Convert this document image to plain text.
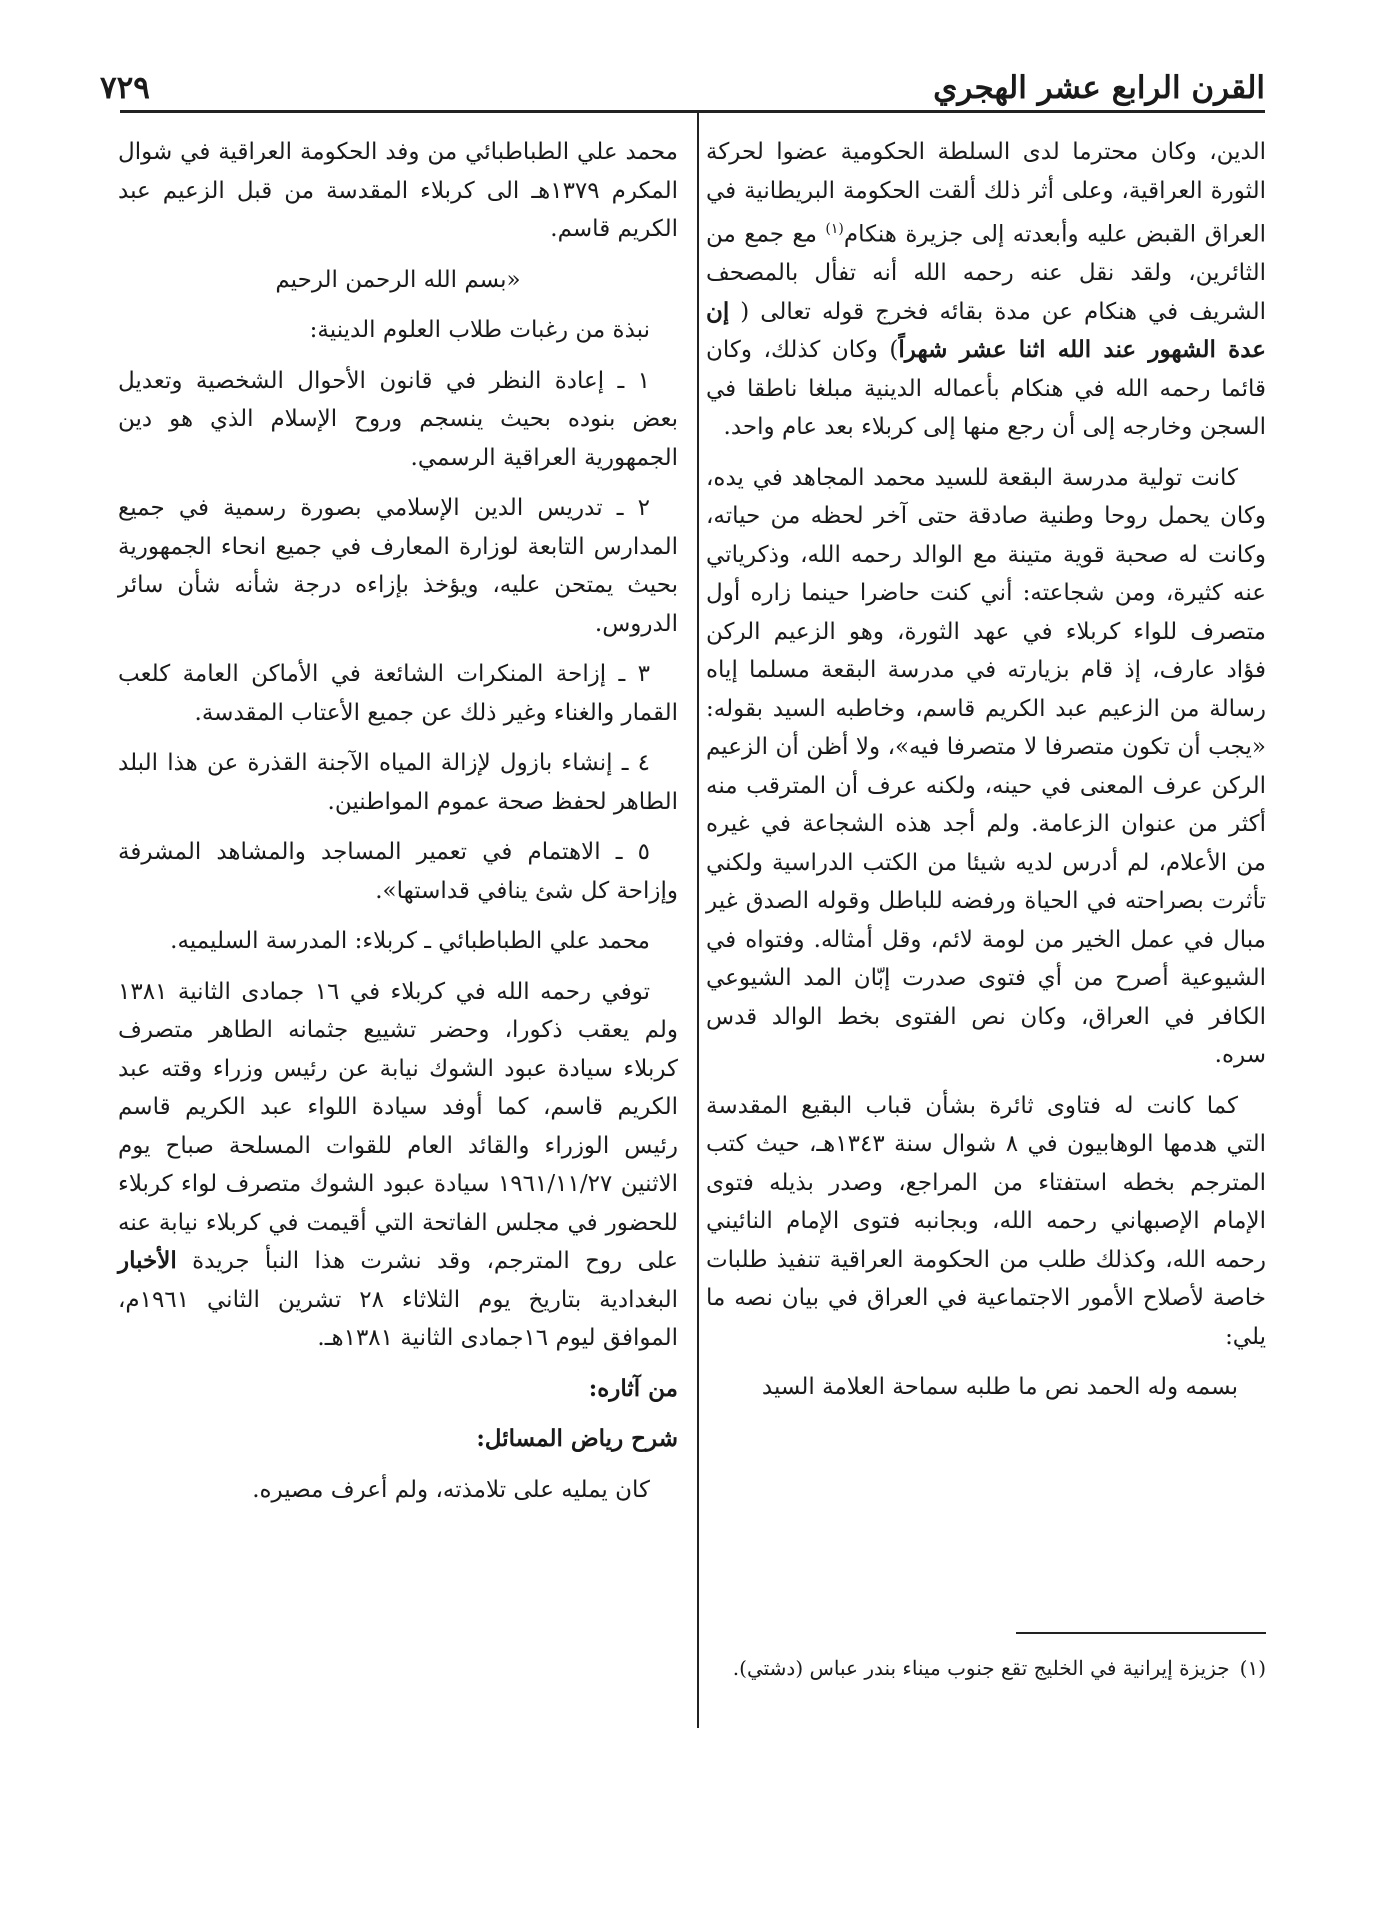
القرن الرابع عشر الهجري
٧٢٩

الدين، وكان محترما لدى السلطة الحكومية عضوا لحركة الثورة العراقية، وعلى أثر ذلك ألقت الحكومة البريطانية في العراق القبض عليه وأبعدته إلى جزيرة هنكام$^{(١)}$ مع جمع من الثائرين، ولقد نقل عنه رحمه الله أنه تفأل بالمصحف الشريف في هنكام عن مدة بقائه فخرج قوله تعالى ( إن عدة الشهور عند الله اثنا عشر شهراً) وكان كذلك، وكان قائما رحمه الله في هنكام بأعماله الدينية مبلغا ناطقا في السجن وخارجه إلى أن رجع منها إلى كربلاء بعد عام واحد.

كانت تولية مدرسة البقعة للسيد محمد المجاهد في يده، وكان يحمل روحا وطنية صادقة حتى آخر لحظه من حياته، وكانت له صحبة قوية متينة مع الوالد رحمه الله، وذكرياتي عنه كثيرة، ومن شجاعته: أني كنت حاضرا حينما زاره أول متصرف للواء كربلاء في عهد الثورة، وهو الزعيم الركن فؤاد عارف، إذ قام بزيارته في مدرسة البقعة مسلما إياه رسالة من الزعيم عبد الكريم قاسم، وخاطبه السيد بقوله: «يجب أن تكون متصرفا لا متصرفا فيه»، ولا أظن أن الزعيم الركن عرف المعنى في حينه، ولكنه عرف أن المترقب منه أكثر من عنوان الزعامة. ولم أجد هذه الشجاعة في غيره من الأعلام، لم أدرس لديه شيئا من الكتب الدراسية ولكني تأثرت بصراحته في الحياة ورفضه للباطل وقوله الصدق غير مبال في عمل الخير من لومة لائم، وقل أمثاله. وفتواه في الشيوعية أصرح من أي فتوى صدرت إبّان المد الشيوعي الكافر في العراق، وكان نص الفتوى بخط الوالد قدس سره.

كما كانت له فتاوى ثائرة بشأن قباب البقيع المقدسة التي هدمها الوهابيون في ٨ شوال سنة ١٣٤٣هـ، حيث كتب المترجم بخطه استفتاء من المراجع، وصدر بذيله فتوى الإمام الإصبهاني رحمه الله، وبجانبه فتوى الإمام النائيني رحمه الله، وكذلك طلب من الحكومة العراقية تنفيذ طلبات خاصة لأصلاح الأمور الاجتماعية في العراق في بيان نصه ما يلي:

بسمه وله الحمد نص ما طلبه سماحة العلامة السيد

(١)جزيزة إيرانية في الخليج تقع جنوب ميناء بندر عباس (دشتي).

محمد علي الطباطبائي من وفد الحكومة العراقية في شوال المكرم ١٣٧٩هـ الى كربلاء المقدسة من قبل الزعيم عبد الكريم قاسم.

«بسم الله الرحمن الرحيم

نبذة من رغبات طلاب العلوم الدينية:

١ ـ إعادة النظر في قانون الأحوال الشخصية وتعديل بعض بنوده بحيث ينسجم وروح الإسلام الذي هو دين الجمهورية العراقية الرسمي.

٢ ـ تدريس الدين الإسلامي بصورة رسمية في جميع المدارس التابعة لوزارة المعارف في جميع انحاء الجمهورية بحيث يمتحن عليه، ويؤخذ بإزاءه درجة شأنه شأن سائر الدروس.

٣ ـ إزاحة المنكرات الشائعة في الأماكن العامة كلعب القمار والغناء وغير ذلك عن جميع الأعتاب المقدسة.

٤ ـ إنشاء بازول لإزالة المياه الآجنة القذرة عن هذا البلد الطاهر لحفظ صحة عموم المواطنين.

٥ ـ الاهتمام في تعمير المساجد والمشاهد المشرفة وإزاحة كل شئ ينافي قداستها».

محمد علي الطباطبائي ـ كربلاء: المدرسة السليميه.

توفي رحمه الله في كربلاء في ١٦ جمادى الثانية ١٣٨١ ولم يعقب ذكورا، وحضر تشييع جثمانه الطاهر متصرف كربلاء سيادة عبود الشوك نيابة عن رئيس وزراء وقته عبد الكريم قاسم، كما أوفد سيادة اللواء عبد الكريم قاسم رئيس الوزراء والقائد العام للقوات المسلحة صباح يوم الاثنين ١٩٦١/١١/٢٧ سيادة عبود الشوك متصرف لواء كربلاء للحضور في مجلس الفاتحة التي أقيمت في كربلاء نيابة عنه على روح المترجم، وقد نشرت هذا النبأ جريدة الأخبار البغدادية بتاريخ يوم الثلاثاء ٢٨ تشرين الثاني ١٩٦١م، الموافق ليوم ١٦جمادى الثانية ١٣٨١هـ.

من آثاره:

شرح رياض المسائل:

كان يمليه على تلامذته، ولم أعرف مصيره.
